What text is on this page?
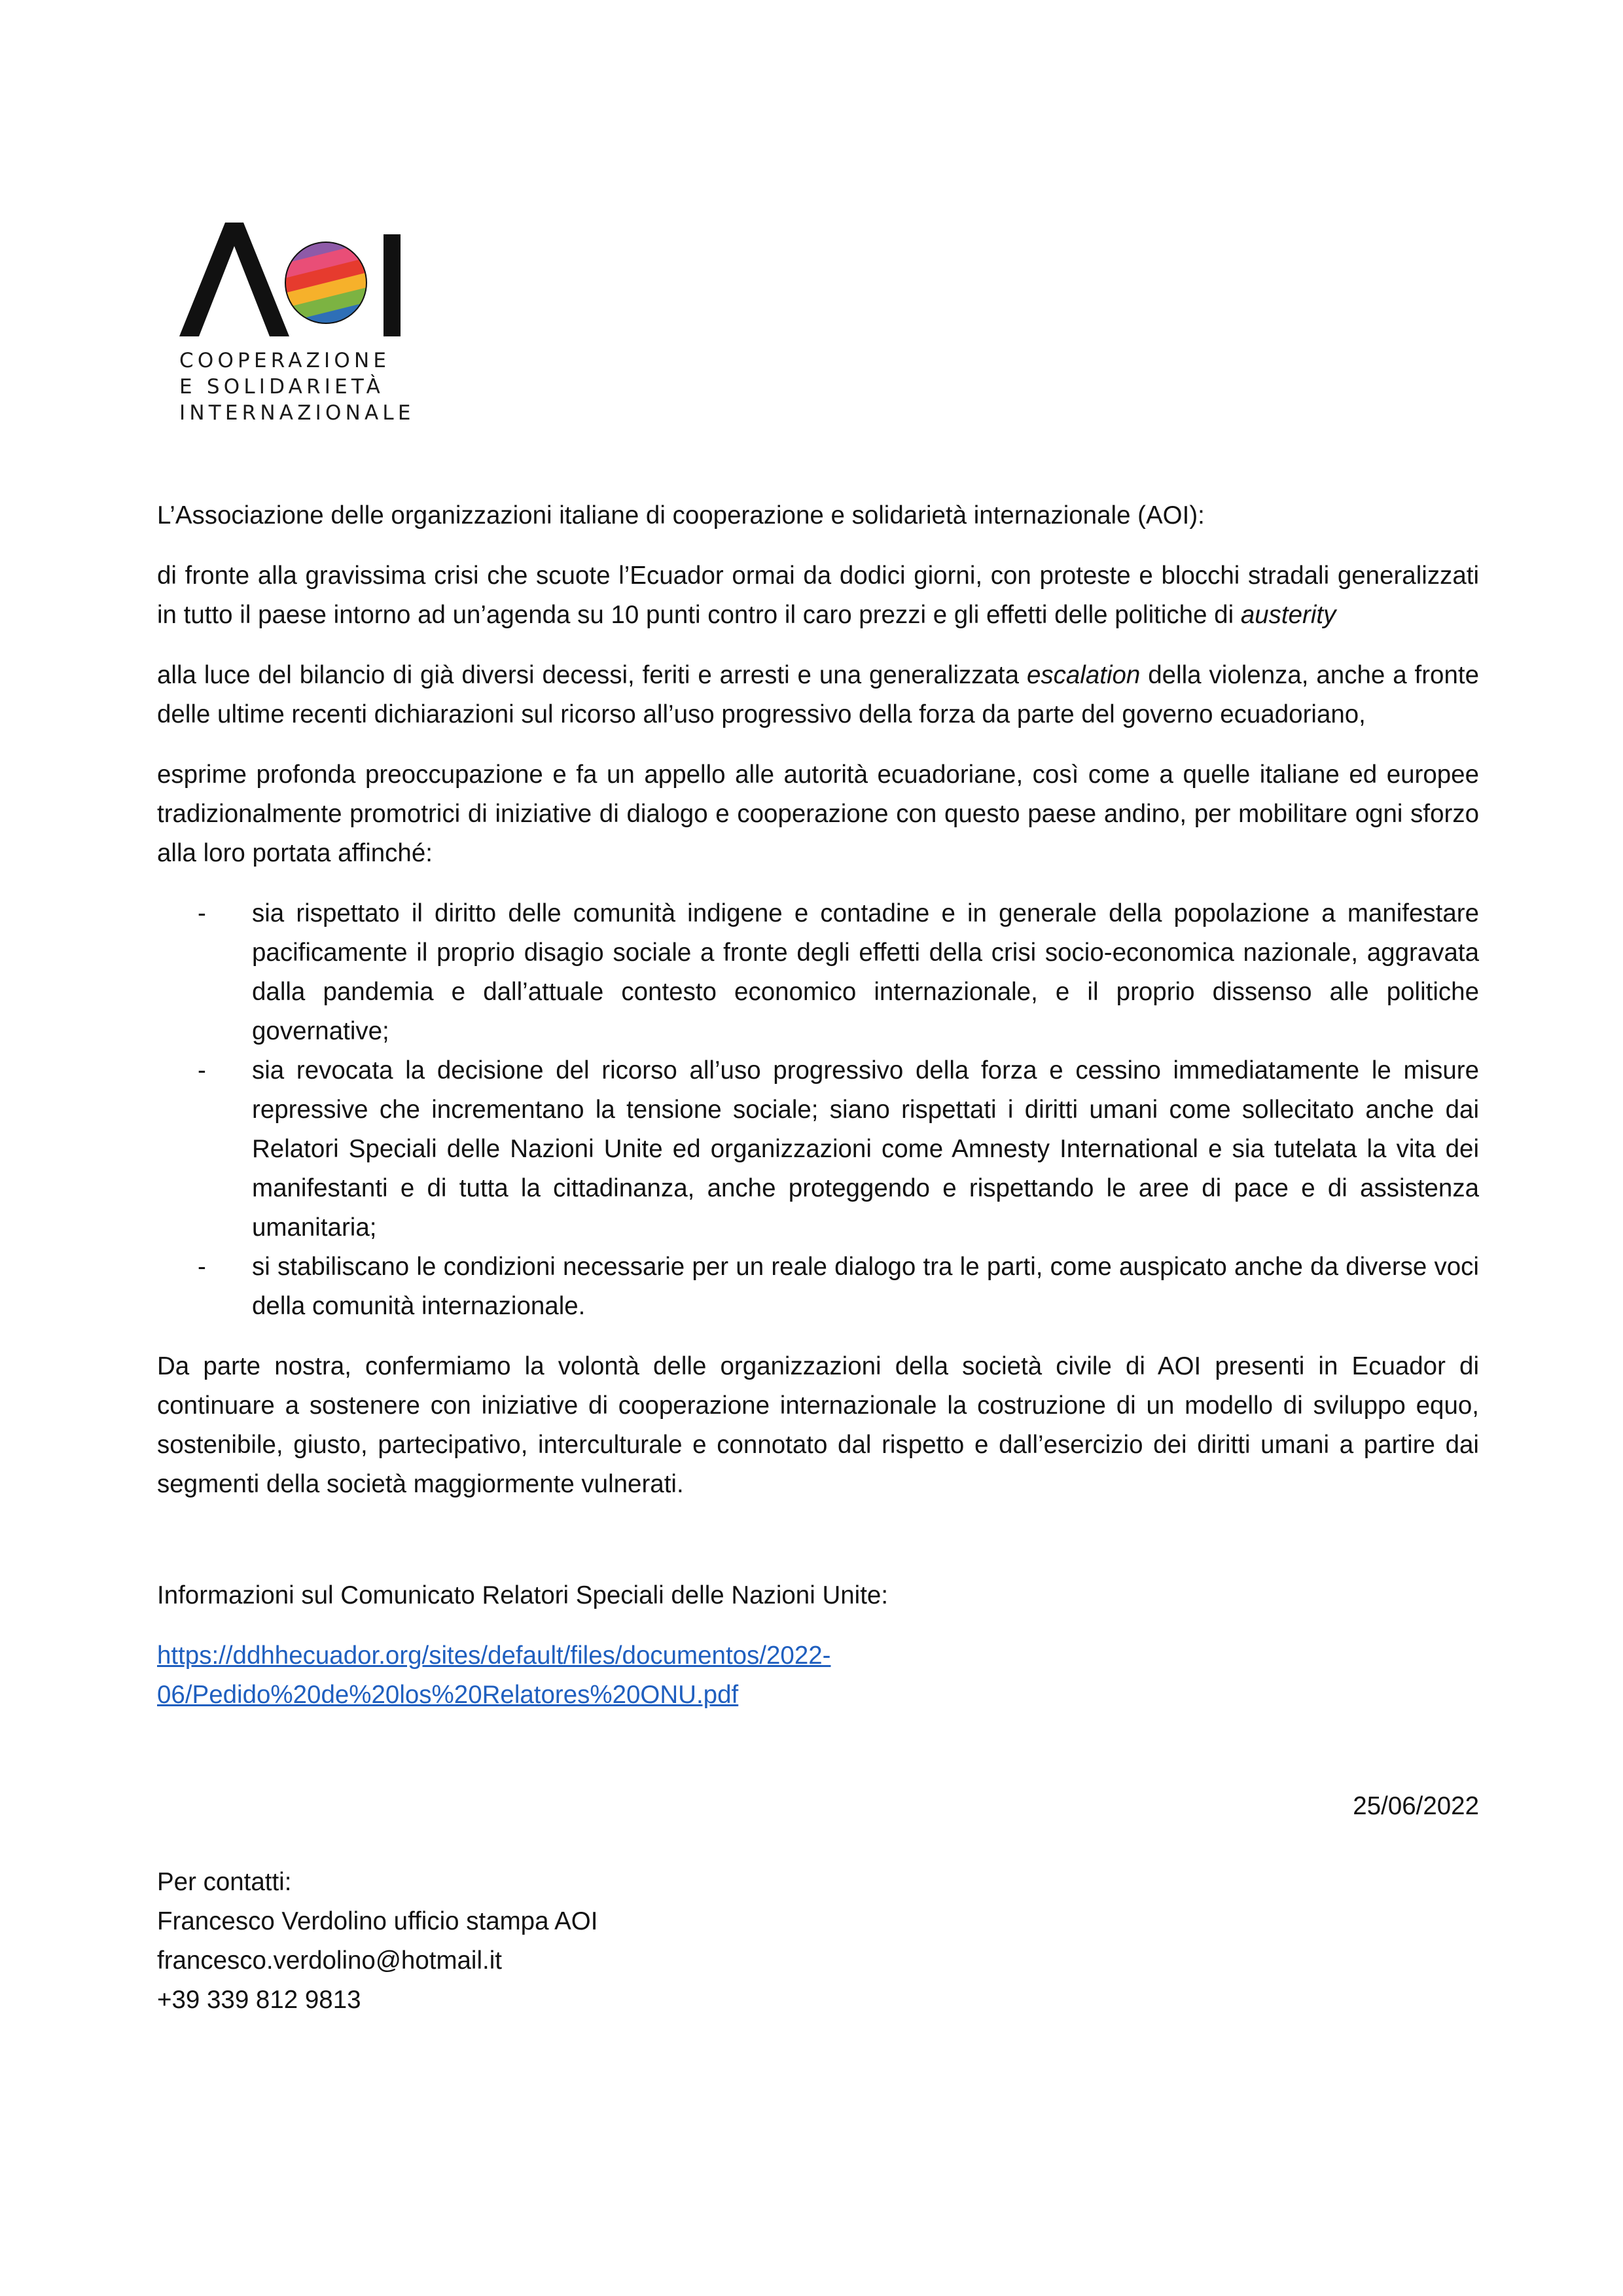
COOPERAZIONE
E SOLIDARIETÀ
INTERNAZIONALE

L’Associazione delle organizzazioni italiane di cooperazione e solidarietà internazionale (AOI):

di fronte alla gravissima crisi che scuote l’Ecuador ormai da dodici giorni, con proteste e blocchi stradali generalizzati in tutto il paese intorno ad un’agenda su 10 punti contro il caro prezzi e gli effetti delle politiche di austerity

alla luce del bilancio di già diversi decessi, feriti e arresti e una generalizzata escalation della violenza, anche a fronte delle ultime recenti dichiarazioni sul ricorso all’uso progressivo della forza da parte del governo ecuadoriano,

esprime profonda preoccupazione e fa un appello alle autorità ecuadoriane, così come a quelle italiane ed europee tradizionalmente promotrici di iniziative di dialogo e cooperazione con questo paese andino, per mobilitare ogni sforzo alla loro portata affinché:

-	sia rispettato il diritto delle comunità indigene e contadine e in generale della popolazione a manifestare pacificamente il proprio disagio sociale a fronte degli effetti della crisi socio-economica nazionale, aggravata dalla pandemia e dall’attuale contesto economico internazionale, e il proprio dissenso alle politiche governative;
-	sia revocata la decisione del ricorso all’uso progressivo della forza e cessino immediatamente le misure repressive che incrementano la tensione sociale; siano rispettati i diritti umani come sollecitato anche dai Relatori Speciali delle Nazioni Unite ed organizzazioni come Amnesty International e sia tutelata la vita dei manifestanti e di tutta la cittadinanza, anche proteggendo e rispettando le aree di pace e di assistenza umanitaria;
-	si stabiliscano le condizioni necessarie per un reale dialogo tra le parti, come auspicato anche da diverse voci della comunità internazionale.

Da parte nostra, confermiamo la volontà delle organizzazioni della società civile di AOI presenti in Ecuador di continuare a sostenere con iniziative di cooperazione internazionale la costruzione di un modello di sviluppo equo, sostenibile, giusto, partecipativo, interculturale e connotato dal rispetto e dall’esercizio dei diritti umani a partire dai segmenti della società maggiormente vulnerati.

Informazioni sul Comunicato Relatori Speciali delle Nazioni Unite:

https://ddhhecuador.org/sites/default/files/documentos/2022-
06/Pedido%20de%20los%20Relatores%20ONU.pdf

25/06/2022

Per contatti:

Francesco Verdolino ufficio stampa AOI

francesco.verdolino@hotmail.it

+39 339 812 9813
